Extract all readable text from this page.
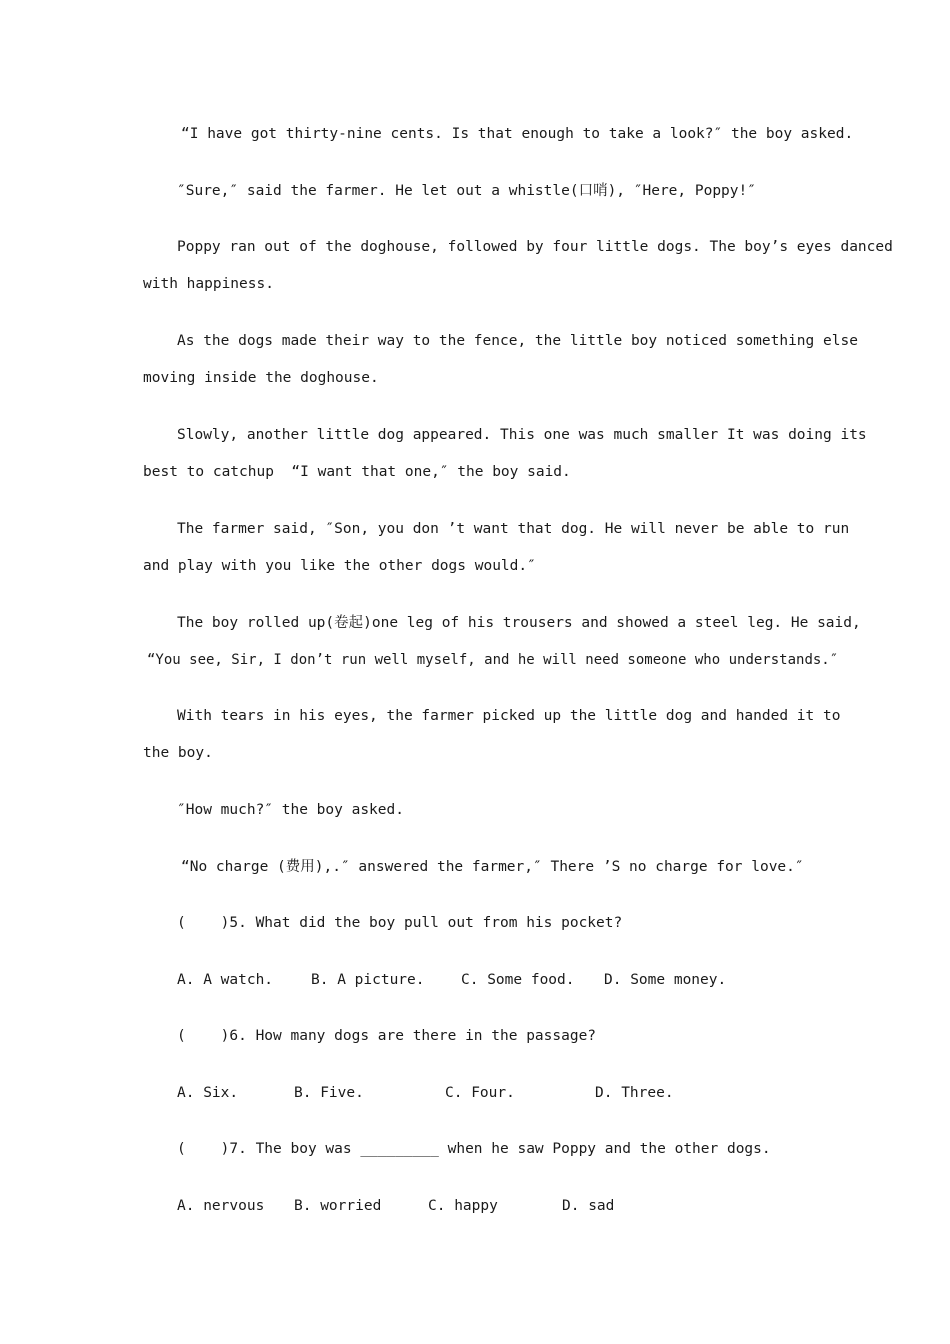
“I have got thirty-nine cents. Is that enough to take a look?″ the boy asked.
″Sure,″ said the farmer. He let out a whistle(口哨), ″Here, Poppy!″
Poppy ran out of the doghouse, followed by four little dogs. The boy’s eyes danced
with happiness.
As the dogs made their way to the fence, the little boy noticed something else
moving inside the doghouse.
Slowly, another little dog appeared. This one was much smaller It was doing its
best to catchup  “I want that one,″ the boy said.
The farmer said, ″Son, you don ’t want that dog. He will never be able to run
and play with you like the other dogs would.″
The boy rolled up(卷起)one leg of his trousers and showed a steel leg. He said,
“You see, Sir, I don’t run well myself, and he will need someone who understands.″
With tears in his eyes, the farmer picked up the little dog and handed it to
the boy.
″How much?″ the boy asked.
“No charge (费用),.″ answered the farmer,″ There ’S no charge for love.″
(    )5. What did the boy pull out from his pocket?
A. A watch.	B. A picture.	C. Some food. D. Some money.
(    )6. How many dogs are there in the passage?
A. Six.	B. Five.	C. Four.	D. Three.
(    )7. The boy was _________ when he saw Poppy and the other dogs.
A. nervous B. worried	C. happy	D. sad
